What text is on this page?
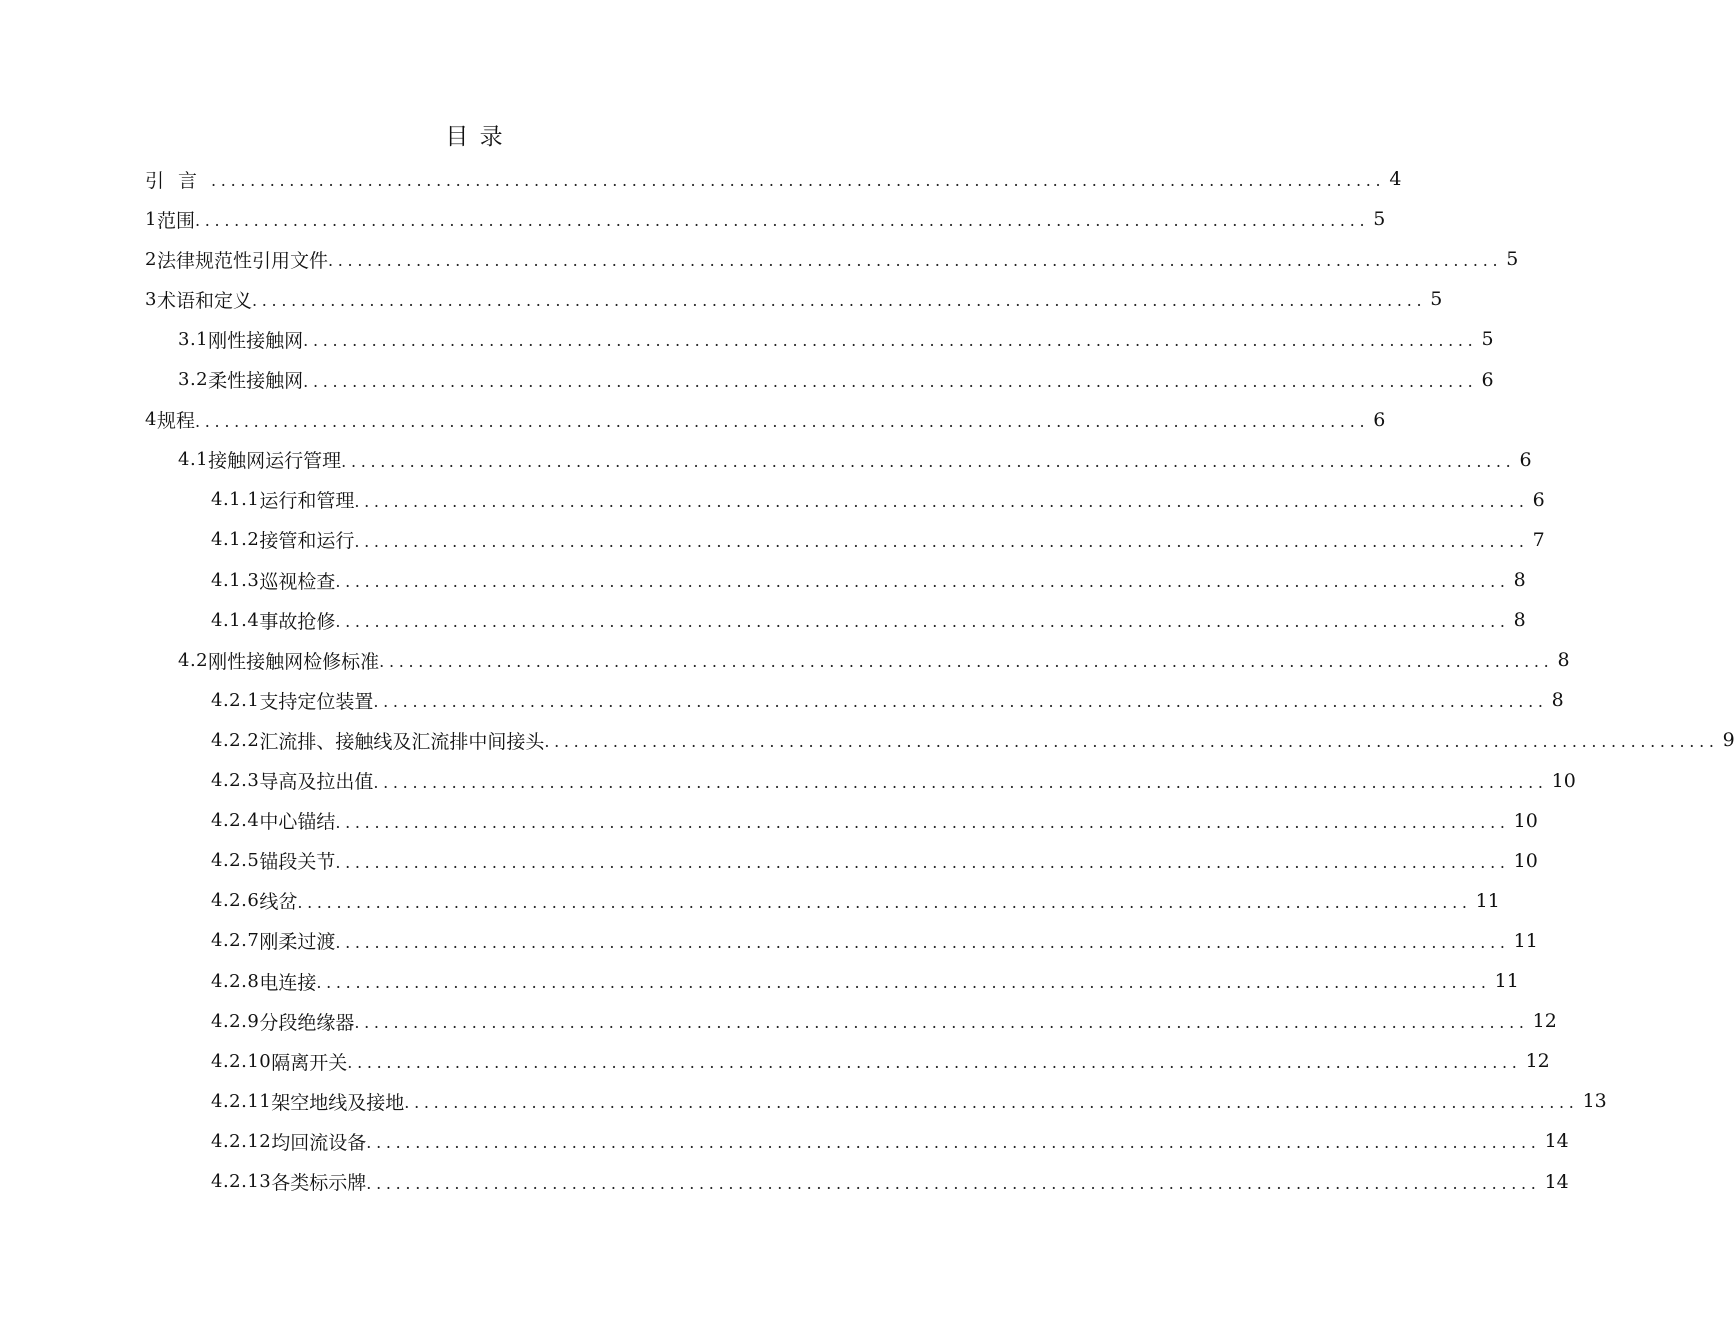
目 录
引言 ........................................................................................................................ 4
1 范围 ........................................................................................................................ 5
2 法律规范性引用文件 ........................................................................................................................ 5
3 术语和定义 ........................................................................................................................ 5
3.1 刚性接触网 ........................................................................................................................ 5
3.2 柔性接触网 ........................................................................................................................ 6
4 规程 ........................................................................................................................ 6
4.1 接触网运行管理 ........................................................................................................................ 6
4.1.1 运行和管理 ........................................................................................................................ 6
4.1.2 接管和运行 ........................................................................................................................ 7
4.1.3 巡视检查 ........................................................................................................................ 8
4.1.4 事故抢修 ........................................................................................................................ 8
4.2 刚性接触网检修标准 ........................................................................................................................ 8
4.2.1 支持定位装置 ........................................................................................................................ 8
4.2.2 汇流排、接触线及汇流排中间接头 ........................................................................................................................ 9
4.2.3 导高及拉出值 ........................................................................................................................ 10
4.2.4 中心锚结 ........................................................................................................................ 10
4.2.5 锚段关节 ........................................................................................................................ 10
4.2.6 线岔 ........................................................................................................................ 11
4.2.7 刚柔过渡 ........................................................................................................................ 11
4.2.8 电连接 ........................................................................................................................ 11
4.2.9 分段绝缘器 ........................................................................................................................ 12
4.2.10 隔离开关 ........................................................................................................................ 12
4.2.11 架空地线及接地 ........................................................................................................................ 13
4.2.12 均回流设备 ........................................................................................................................ 14
4.2.13 各类标示牌 ........................................................................................................................ 14
